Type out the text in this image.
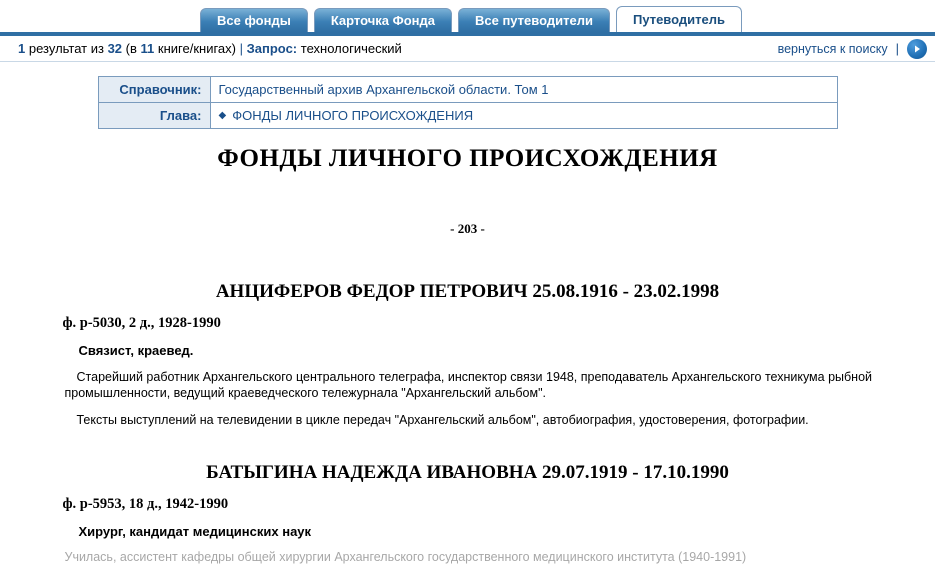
Все фонды	Карточка Фонда	Все путеводители	Путеводитель
1 результат из 32 (в 11 книге/книгах) | Запрос: технологический	вернуться к поиску |
Справочник:	Государственный архив Архангельской области. Том 1
Глава:	◆ ФОНДЫ ЛИЧНОГО ПРОИСХОЖДЕНИЯ
ФОНДЫ ЛИЧНОГО ПРОИСХОЖДЕНИЯ
- 203 -
АНЦИФЕРОВ ФЕДОР ПЕТРОВИЧ 25.08.1916 - 23.02.1998
ф. р-5030, 2 д., 1928-1990
Связист, краевед.
Старейший работник Архангельского центрального телеграфа, инспектор связи 1948, преподаватель Архангельского техникума рыбной промышленности, ведущий краеведческого тележурнала "Архангельский альбом".
Тексты выступлений на телевидении в цикле передач "Архангельский альбом", автобиография, удостоверения, фотографии.
БАТЫГИНА НАДЕЖДА ИВАНОВНА 29.07.1919 - 17.10.1990
ф. р-5953, 18 д., 1942-1990
Хирург, кандидат медицинских наук
Училась, ассистент кафедры общей хирургии Архангельского государственного медицинского института (1940-1991)
